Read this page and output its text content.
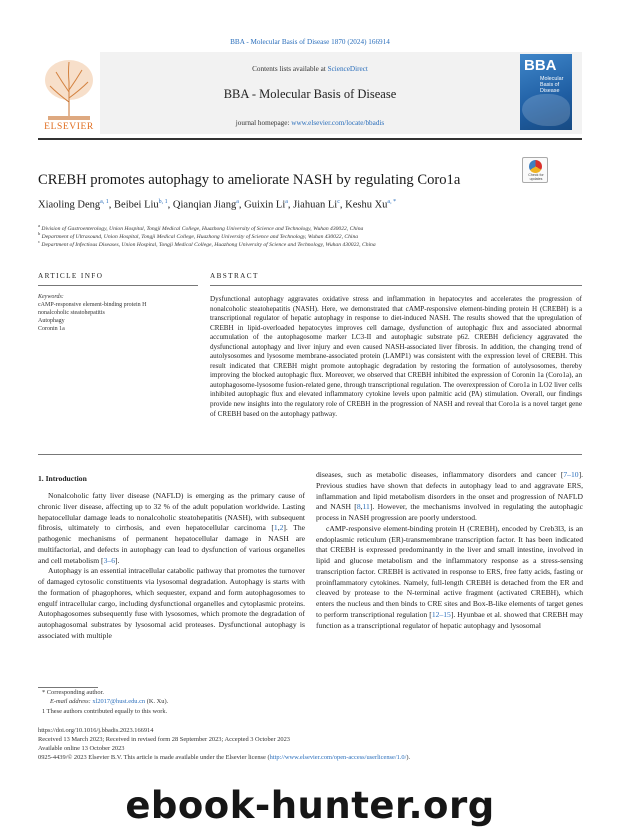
BBA - Molecular Basis of Disease 1870 (2024) 166914
ELSEVIER
Contents lists available at ScienceDirect
BBA - Molecular Basis of Disease
journal homepage: www.elsevier.com/locate/bbadis
BBA
Molecular Basis of Disease
CREBH promotes autophagy to ameliorate NASH by regulating Coro1a	Check for updates
Xiaoling Deng$^{a, 1}$, Beibei Liu$^{b, 1}$, Qianqian Jiang$^a$, Guixin Li$^a$, Jiahuan Li$^c$, Keshu $Xu^{a, *}$
$^a$ Division of Gastroenterology, Union Hospital, Tongji Medical College, Huazhong University of Science and Technology, Wuhan 430022, China
$^b$ Department of Ultrasound, Union Hospital, Tongji Medical College, Huazhong University of Science and Technology, Wuhan 430022, China
$^c$ Department of Infectious Diseases, Union Hospital, Tongji Medical College, Huazhong University of Science and Technology, Wuhan 430022, China
ARTICLE INFO	ABSTRACT
Keywords:
cAMP-responsive element-binding protein H
nonalcoholic steatohepatitis
Autophagy
Coronin 1a
Dysfunctional autophagy aggravates oxidative stress and inflammation in hepatocytes and accelerates the progression of nonalcoholic steatohepatitis (NASH). Here, we demonstrated that cAMP-responsive element-binding protein H (CREBH) is a transcriptional regulator of hepatic autophagy in response to diet-induced NASH. The results showed that the upregulation of CREBH in lipid-overloaded hepatocytes improves cell damage, dysfunction of autophagic flux and associated abnormal accumulation of the autophagosome marker LC3-II and autophagic substrate p62. CREBH deficiency aggravated the dysfunctional autophagy and liver injury and even caused NASH-associated liver fibrosis. In addition, the changing trend of autolysosomes and lysosome membrane-associated protein (LAMP1) was consistent with the expression level of CREBH. This result indicated that CREBH might promote autophagic degradation by restoring the formation of autolysosomes, thereby improving the blocked autophagic flux. Moreover, we observed that CREBH inhibited the expression of Coronin 1a (Coro1a), an autophagosome-lysosome fusion-related gene, through transcriptional regulation. The overexpression of Coro1a in LO2 liver cells inhibited autophagic flux and elevated inflammatory cytokine levels upon palmitic acid (PA) stimulation. Overall, our findings provide new insights into the regulatory role of CREBH in the progression of NASH and reveal that Coro1a is a novel target gene of CREBH based on the autophagy pathway.
1. Introduction

Nonalcoholic fatty liver disease (NAFLD) is emerging as the primary cause of chronic liver disease, affecting up to 32 % of the adult population worldwide. Lasting hepatocellular damage leads to nonalcoholic steatohepatitis (NASH), with subsequent fibrosis, ultimately to cirrhosis, and even hepatocellular carcinoma [1,2]. The pathogenic mechanisms of permanent hepatocellular damage in NASH are multifactorial, and defects in autophagy can lead to dysfunction of various organelles and cell metabolism [3–6].

Autophagy is an essential intracellular catabolic pathway that promotes the turnover of damaged cytosolic constituents via lysosomal degradation. Autophagy is starts with the formation of phagophores, which sequester, expand and form autophagosomes to engulf intracellular cargo, including dysfunctional organelles and cytoplasmic proteins. Autophagosomes subsequently fuse with lysosomes, which promote the degradation of autophagosomal substrates by lysosomal acid proteases. Dysfunctional autophagy is associated with multiple

diseases, such as metabolic diseases, inflammatory disorders and cancer [7–10]. Previous studies have shown that defects in autophagy lead to and aggravate ERS, inflammation and lipid metabolism disorders in the onset and progression of NAFLD and NASH [8,11]. However, the mechanisms involved in regulating the autophagic process in NASH progression are poorly understood.

cAMP-responsive element-binding protein H (CREBH), encoded by Creb3l3, is an endoplasmic reticulum (ER)-transmembrane transcription factor. It has been indicated that CREBH is expressed predominantly in the liver and small intestine, involved in lipid and glucose metabolism and the inflammatory response as a stress-sensing transcription factor. CREBH is activated in response to ERS, free fatty acids, fasting or proinflammatory cytokines. Namely, full-length CREBH is detached from the ER and cleaved by protease to the N-terminal active fragment (activated CREBH), which enters the nucleus and then binds to CRE sites and Box-B-like elements of target genes to perform transcriptional regulation [12–15]. Hyunbae et al. showed that CREBH may function as a transcriptional regulator of hepatic autophagy and lysosomal

* Corresponding author.
E-mail address: xl2017@hust.edu.cn (K. Xu).
1 These authors contributed equally to this work.
https://doi.org/10.1016/j.bbadis.2023.166914
Received 13 March 2023; Received in revised form 28 September 2023; Accepted 3 October 2023
Available online 13 October 2023
0925-4439/© 2023 Elsevier B.V. This article is made available under the Elsevier license (http://www.elsevier.com/open-access/userlicense/1.0/).
ebook-hunter.org
